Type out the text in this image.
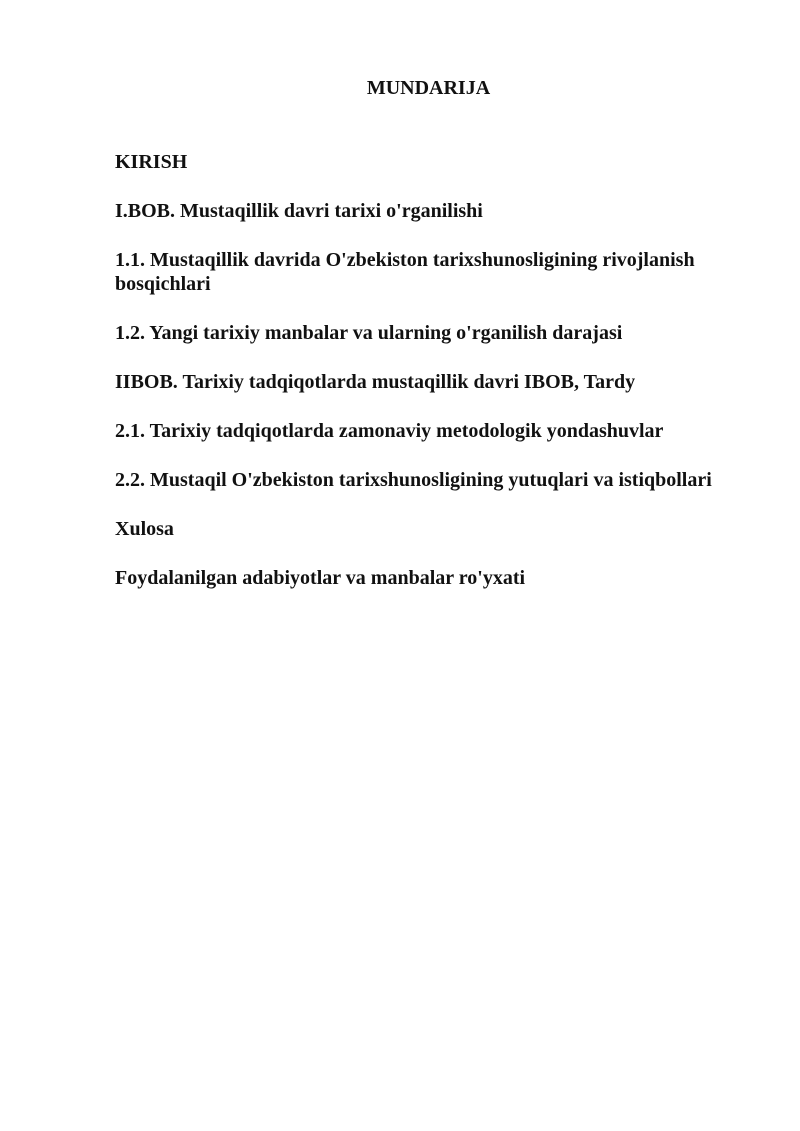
MUNDARIJA
KIRISH
I.BOB. Mustaqillik davri tarixi o'rganilishi
1.1. Mustaqillik davrida O'zbekiston tarixshunosligining rivojlanish bosqichlari
1.2. Yangi tarixiy manbalar va ularning o'rganilish darajasi
IIBOB. Tarixiy tadqiqotlarda mustaqillik davri IBOB, Tardy
2.1. Tarixiy tadqiqotlarda zamonaviy metodologik yondashuvlar
2.2. Mustaqil O'zbekiston tarixshunosligining yutuqlari va istiqbollari
Xulosa
Foydalanilgan adabiyotlar va manbalar ro'yxati
